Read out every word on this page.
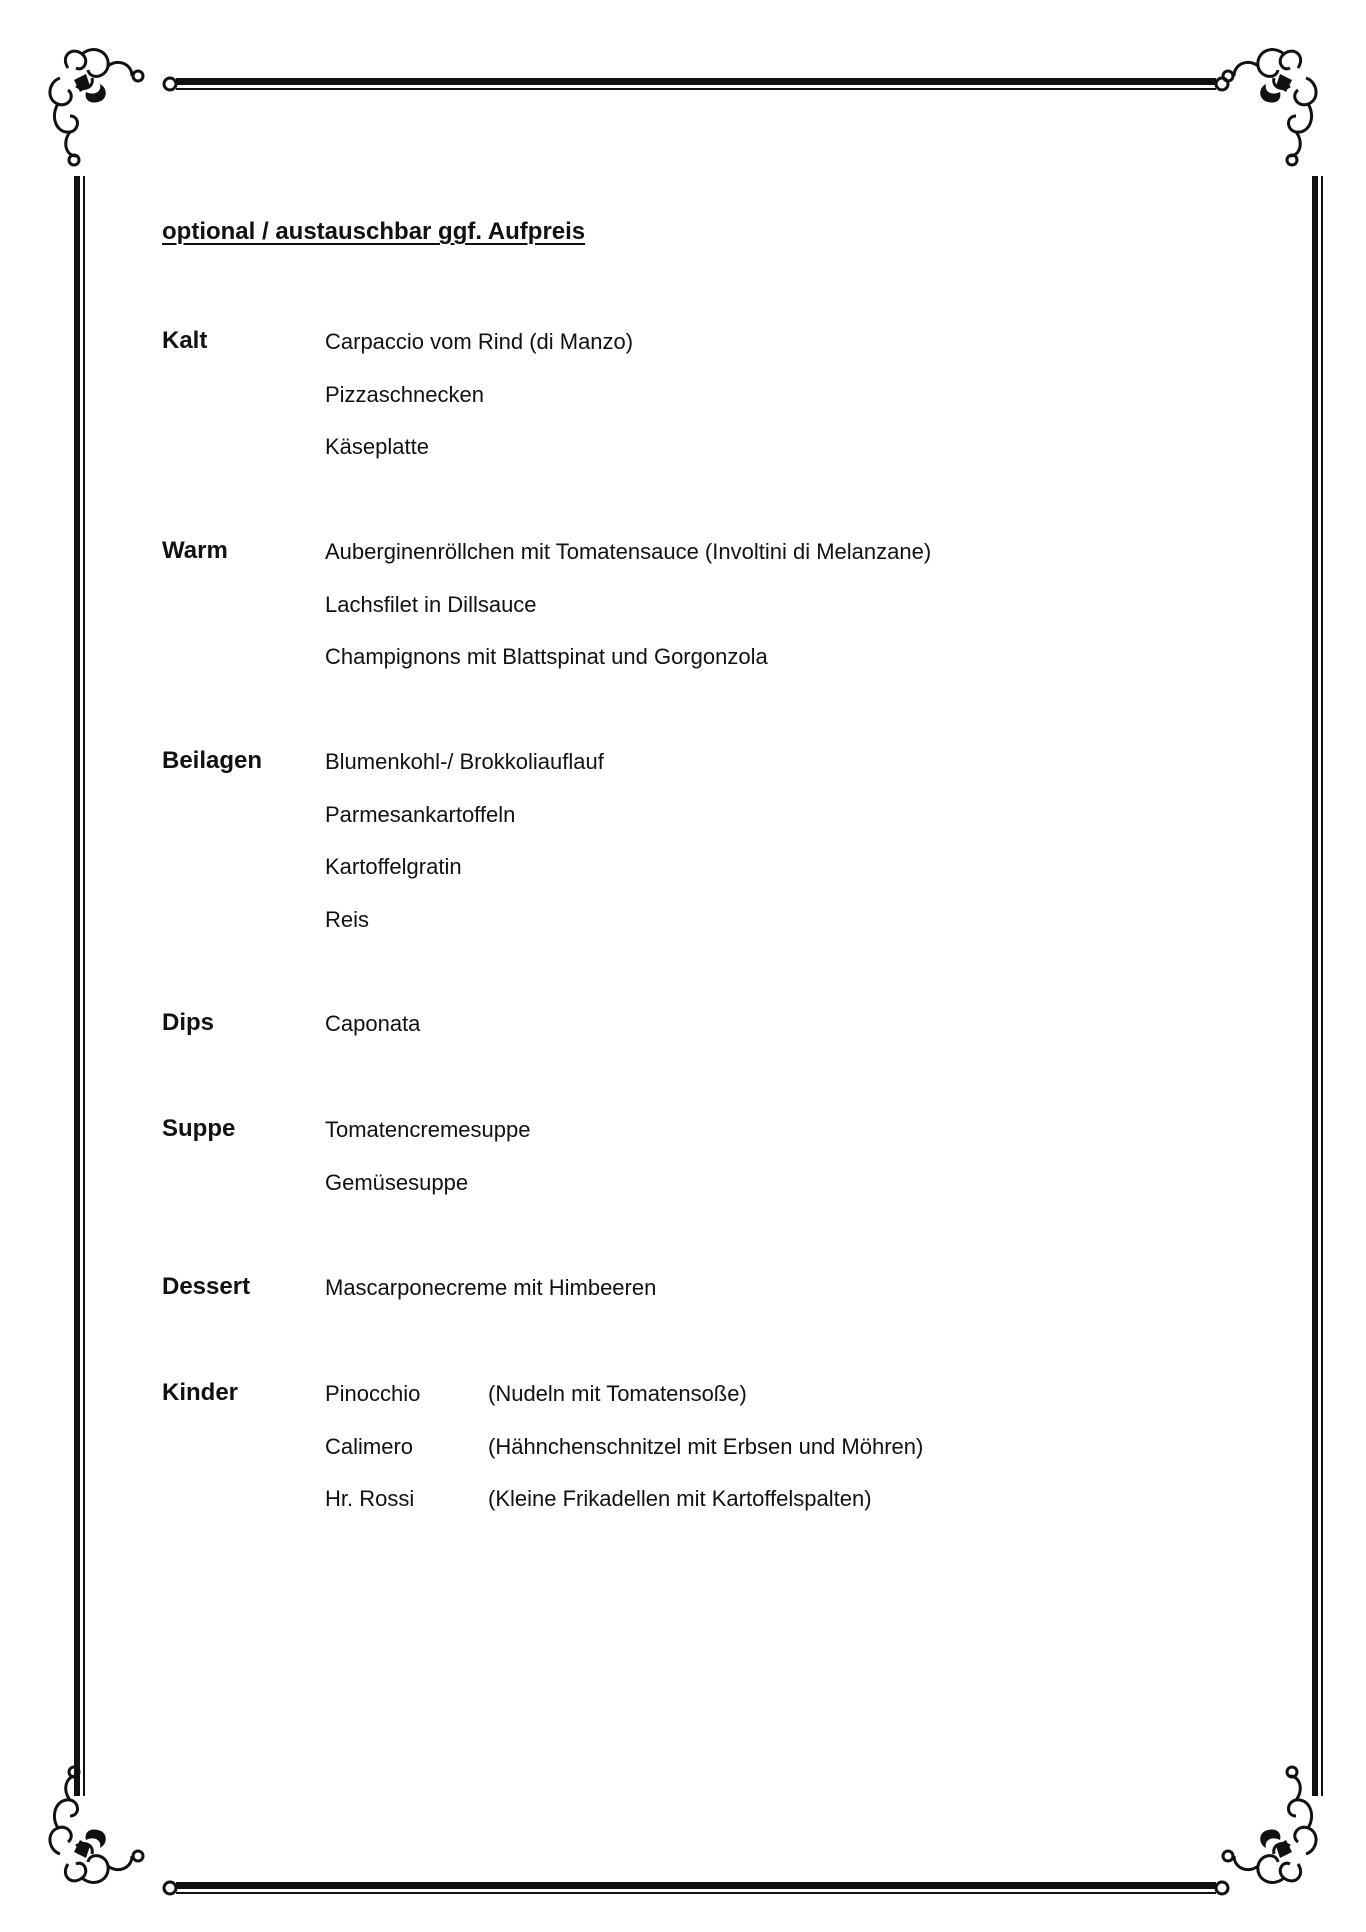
optional / austauschbar ggf. Aufpreis
Kalt	Carpaccio vom Rind (di Manzo)
Pizzaschnecken
Käseplatte
Warm	Auberginenröllchen mit Tomatensauce (Involtini di Melanzane)
Lachsfilet in Dillsauce
Champignons mit Blattspinat und Gorgonzola
Beilagen	Blumenkohl-/ Brokkoliauflauf
Parmesankartoffeln
Kartoffelgratin
Reis
Dips	Caponata
Suppe	Tomatencremesuppe
Gemüsesuppe
Dessert	Mascarponecreme mit Himbeeren
Kinder	Pinocchio	(Nudeln mit Tomatensoße)
Calimero	(Hähnchenschnitzel mit Erbsen und Möhren)
Hr. Rossi	(Kleine Frikadellen mit Kartoffelspalten)
